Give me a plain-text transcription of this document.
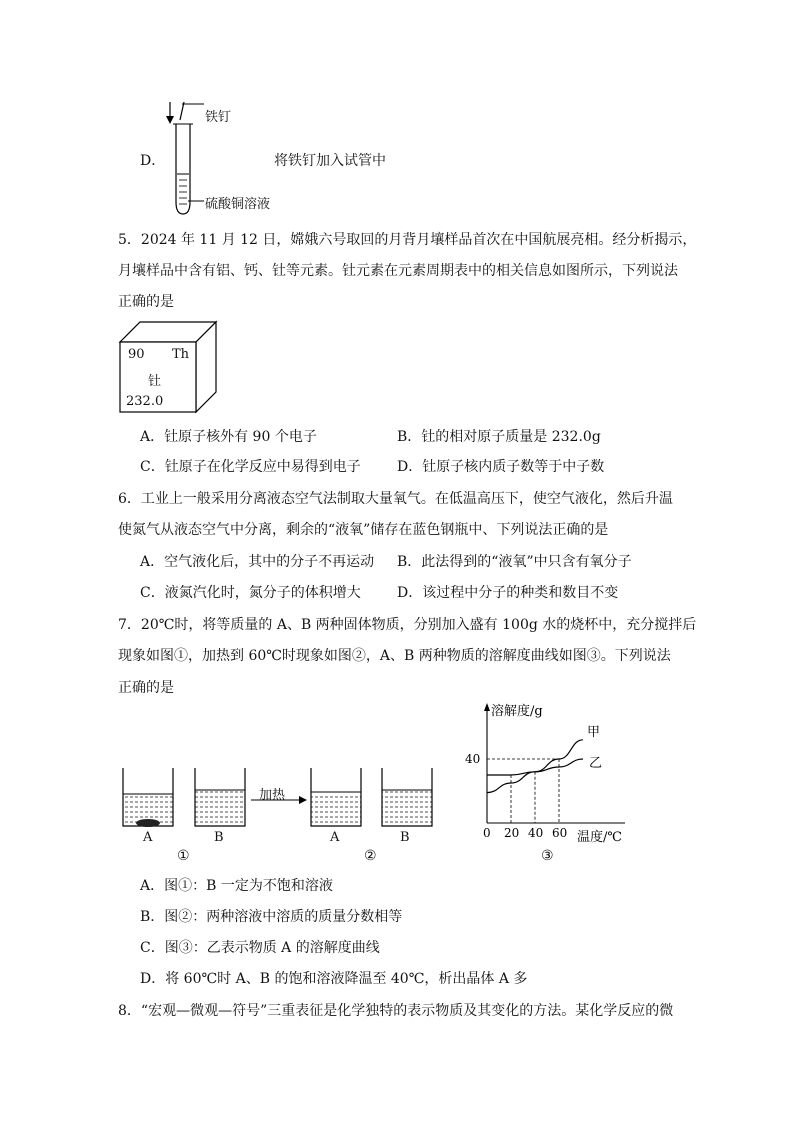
铁钉
D．	将铁钉加入试管中
硫酸铜溶液
5．2024 年 11 月 12 日，嫦娥六号取回的月背月壤样品首次在中国航展亮相。经分析揭示，
月壤样品中含有铝、钙、钍等元素。钍元素在元素周期表中的相关信息如图所示，下列说法
正确的是
90 Th
钍
232.0
A．钍原子核外有 90 个电子	B．钍的相对原子质量是 232.0g
C．钍原子在化学反应中易得到电子	D．钍原子核内质子数等于中子数
6．工业上一般采用分离液态空气法制取大量氧气。在低温高压下，使空气液化，然后升温
使氮气从液态空气中分离，剩余的“液氧”储存在蓝色钢瓶中、下列说法正确的是
A．空气液化后，其中的分子不再运动 B．此法得到的“液氧”中只含有氧分子
C．液氮汽化时，氮分子的体积增大	D．该过程中分子的种类和数目不变
7．20℃时，将等质量的 A、B 两种固体物质，分别加入盛有 100g 水的烧杯中，充分搅拌后
现象如图①，加热到 60℃时现象如图②，A、B 两种物质的溶解度曲线如图③。下列说法
正确的是
加热
A	B	A	B
①	②	③
溶解度/g
温度/℃
0 20 40 60
40
甲
乙
A．图①：B 一定为不饱和溶液
B．图②：两种溶液中溶质的质量分数相等
C．图③：乙表示物质 A 的溶解度曲线
D．将 60℃时 A、B 的饱和溶液降温至 40℃，析出晶体 A 多
8．“宏观—微观—符号”三重表征是化学独特的表示物质及其变化的方法。某化学反应的微
